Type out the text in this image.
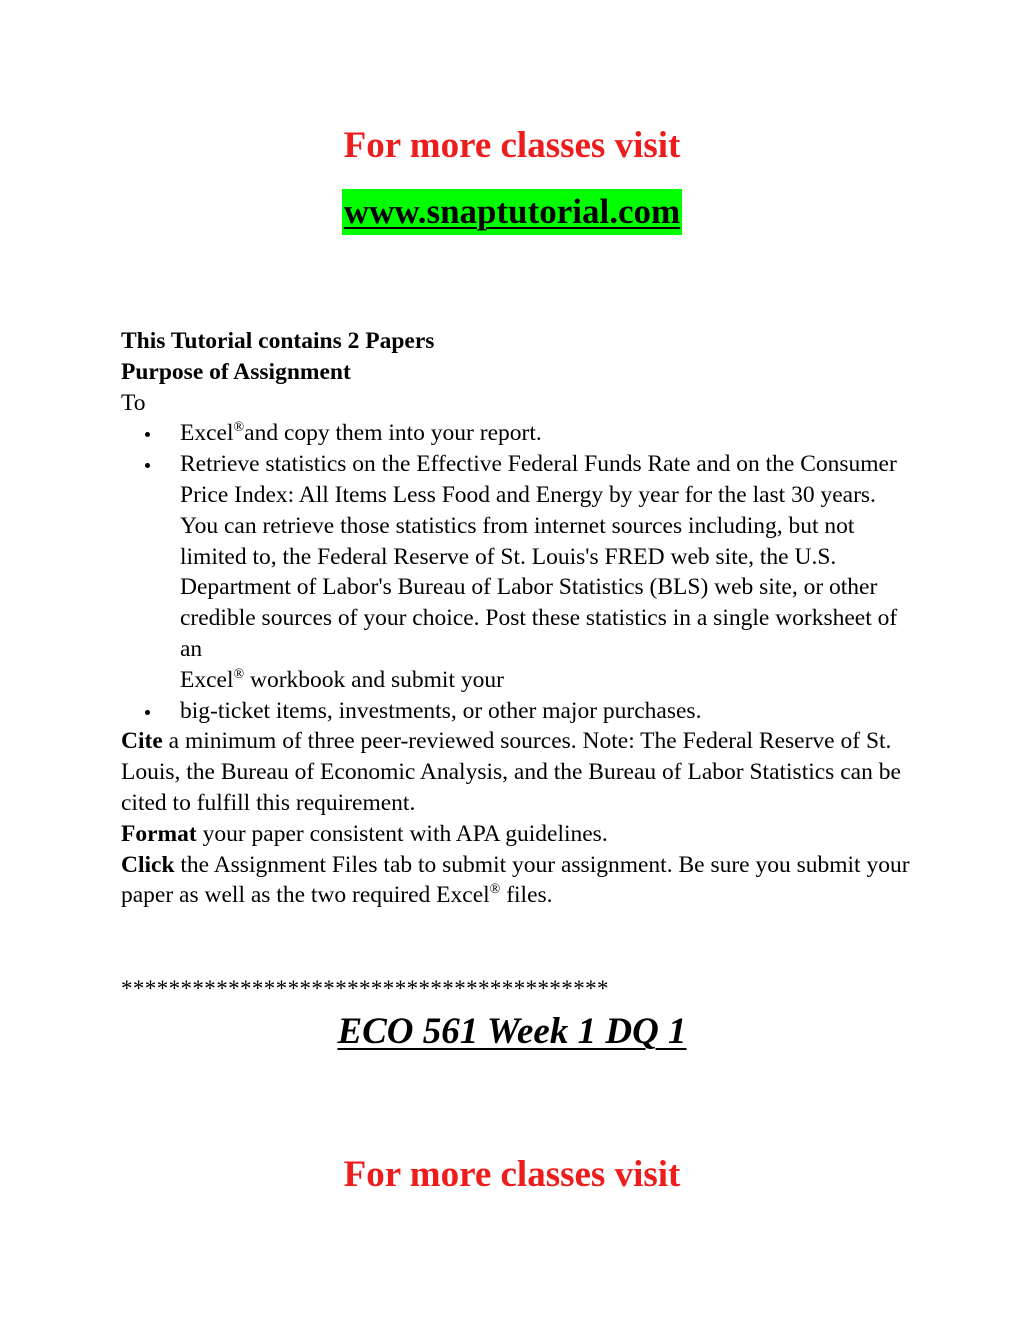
For more classes visit
www.snaptutorial.com

This Tutorial contains 2 Papers

Purpose of Assignment

To

Excel®and copy them into your report.
Retrieve statistics on the Effective Federal Funds Rate and on the Consumer Price Index: All Items Less Food and Energy by year for the last 30 years. You can retrieve those statistics from internet sources including, but not limited to, the Federal Reserve of St. Louis's FRED web site, the U.S. Department of Labor's Bureau of Labor Statistics (BLS) web site, or other credible sources of your choice. Post these statistics in a single worksheet of an
Excel® workbook and submit your
big-ticket items, investments, or other major purchases.

Cite a minimum of three peer-reviewed sources. Note: The Federal Reserve of St. Louis, the Bureau of Economic Analysis, and the Bureau of Labor Statistics can be cited to fulfill this requirement.

Format your paper consistent with APA guidelines.

Click the Assignment Files tab to submit your assignment. Be sure you submit your paper as well as the two required Excel® files.

*****************************************
ECO 561 Week 1 DQ 1
For more classes visit
